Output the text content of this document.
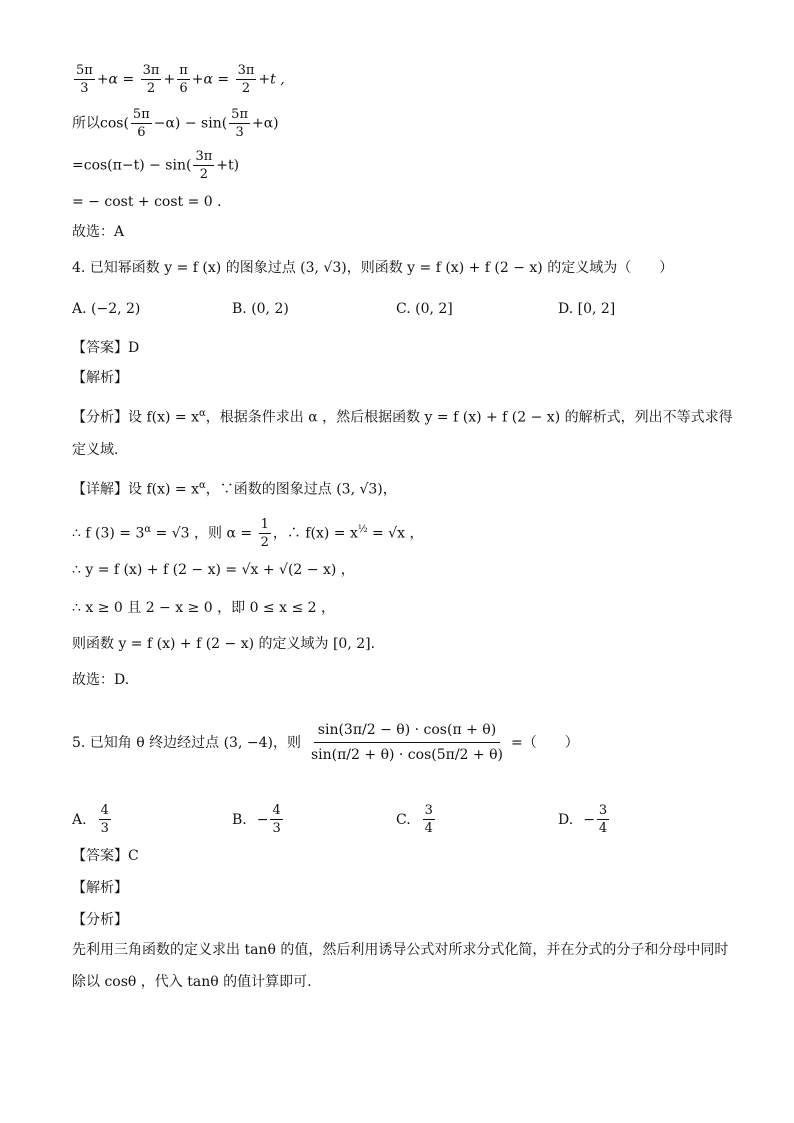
$\frac{5\pi}{3} +\alpha = \frac{3\pi}{2} + \frac{\pi}{6} +\alpha = \frac{3\pi}{2} +t$ ,
所以$\cos( \frac{5\pi}{6} -\alpha) - \sin( \frac{5\pi}{3} +\alpha)$
$=\cos(\pi-t) - \sin( \frac{3\pi}{2} +t)$
= − cost + cost = 0 .
故选：A
4. 已知幂函数 y = f (x) 的图象过点 (3, √3)，则函数 y = f (x) + f (2 − x) 的定义域为（　　）
A. (−2, 2)	B. (0, 2)	C. (0, 2]	D. [0, 2]
【答案】D
【解析】
【分析】设 $f(x) = x^\alpha$，根据条件求出 α ，然后根据函数 y = f (x) + f (2 − x) 的解析式，列出不等式求得
定义域.
【详解】设 $f(x) = x^\alpha$，∵函数的图象过点 (3, √3)，
∴ f $(3) = 3^\alpha = √3$ ，则 $\alpha = \frac{1}{2}$ ，∴ $f(x) = x^{\frac{1}{2}} = √x$ ，
∴ y = f (x) + f (2 − x) = √x + √(2 − x) ，
∴ x ≥ 0 且 2 − x ≥ 0 ，即 0 ≤ x ≤ 2 ，
则函数 y = f (x) + f (2 − x) 的定义域为 [0, 2].
故选：D.
5. 已知角 θ 终边经过点 (3, −4)，则 $\frac{\sin(3\pi/2 - \theta) \cdot \cos(\pi + \theta)}{\sin(\pi/2 + \theta) \cdot \cos(5\pi/2 + \theta)}$ =（　　）
A. $\frac{4}{3}$	B. − $\frac{4}{3}$	C. $\frac{3}{4}$	D. − $\frac{3}{4}$
【答案】C
【解析】
【分析】
先利用三角函数的定义求出 tanθ 的值，然后利用诱导公式对所求分式化简，并在分式的分子和分母中同时
除以 cosθ ，代入 tanθ 的值计算即可.
